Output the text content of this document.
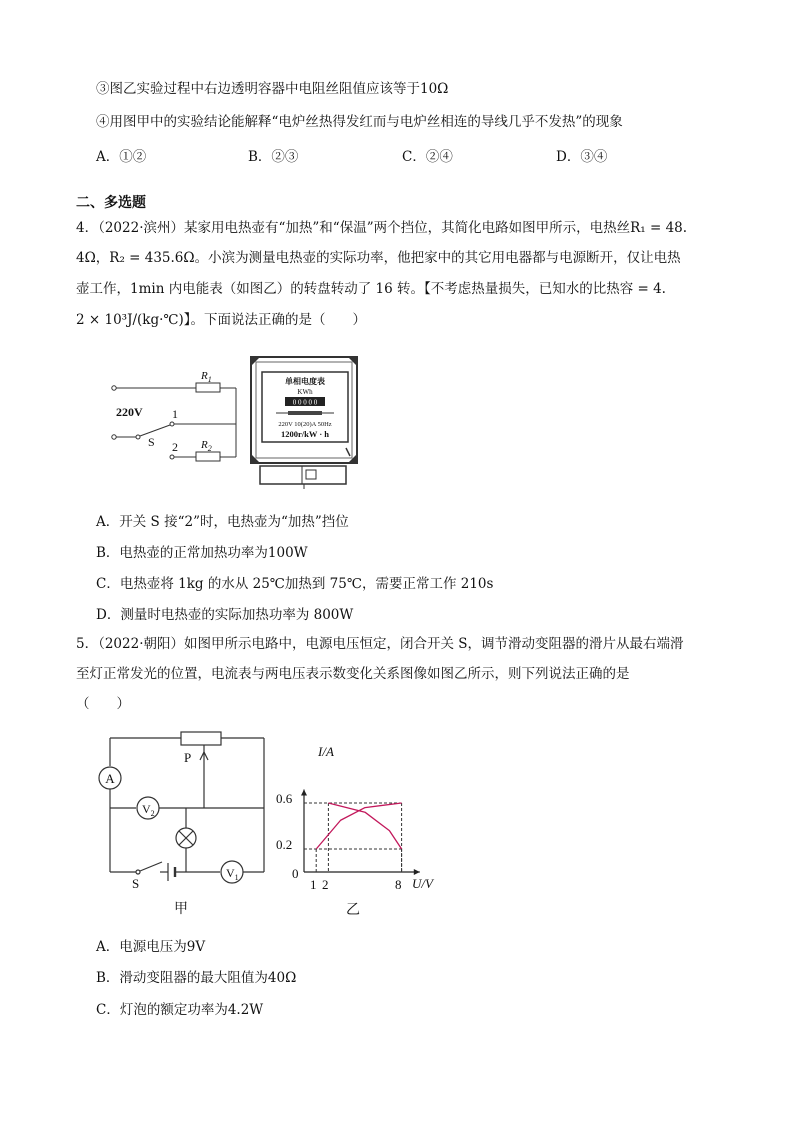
③图乙实验过程中右边透明容器中电阻丝阻值应该等于10Ω
④用图甲中的实验结论能解释“电炉丝热得发红而与电炉丝相连的导线几乎不发热”的现象
A．①②	B．②③	C．②④	D．③④
二、多选题
4．（2022·滨州）某家用电热壶有“加热”和“保温”两个挡位，其简化电路如图甲所示，电热丝R₁ = 48.
4Ω，R₂ = 435.6Ω。小滨为测量电热壶的实际功率，他把家中的其它用电器都与电源断开，仅让电热
壶工作，1min 内电能表（如图乙）的转盘转动了 16 转。【不考虑热量损失，已知水的比热容 = 4.
2 × 10³J/(kg·℃)】。下面说法正确的是（　　）
220V
S
1
2
$R_1$
$R_2$
单相电度表
KWh
0 0 0 0 0
220V 10(20)A 50Hz
1200r/kW · h
A．开关 S 接“2”时，电热壶为“加热”挡位
B．电热壶的正常加热功率为100W
C．电热壶将 1kg 的水从 25℃加热到 75℃，需要正常工作 210s
D．测量时电热壶的实际加热功率为 800W
5．（2022·朝阳）如图甲所示电路中，电源电压恒定，闭合开关 S，调节滑动变阻器的滑片从最右端滑
至灯正常发光的位置，电流表与两电压表示数变化关系图像如图乙所示，则下列说法正确的是
（　　）
A
P
$V_2$
$V_1$
S
甲
I/A
U/V
0
0.6
0.2
1 2	8
乙
A．电源电压为9V
B．滑动变阻器的最大阻值为40Ω
C．灯泡的额定功率为4.2W
